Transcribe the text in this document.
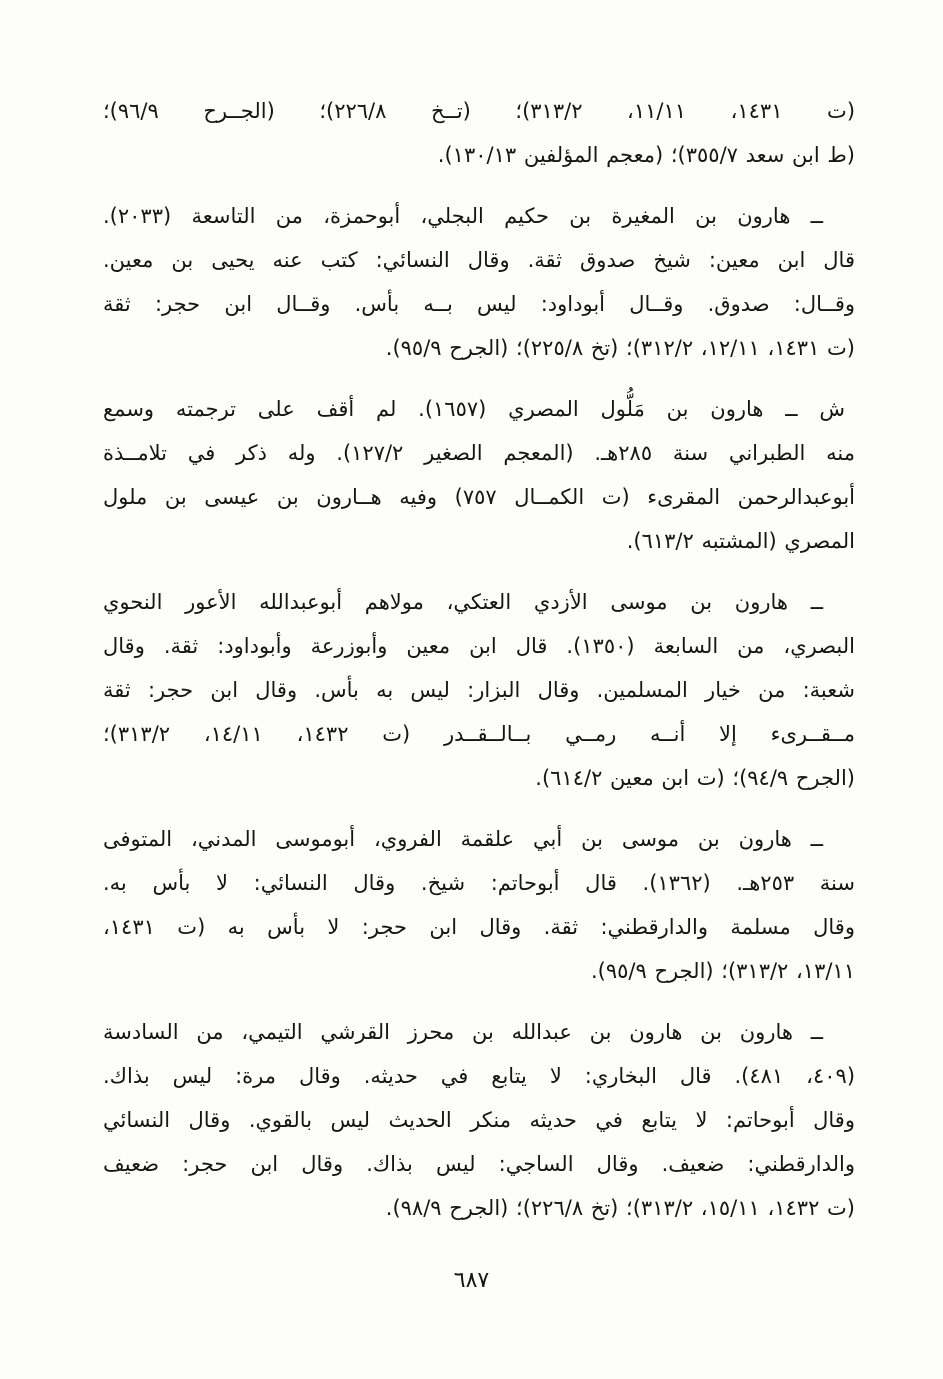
(ت ١٤٣١، ١١/١١، ٣١٣/٢)؛ (تــخ ٢٢٦/٨)؛ (الجــرح ٩٦/٩)؛
(ط ابن سعد ٣٥٥/٧)؛ (معجم المؤلفين ١٣٠/١٣).
ــ هارون بن المغيرة بن حكيم البجلي، أبوحمزة، من التاسعة (٢٠٣٣).
قال ابن معين: شيخ صدوق ثقة. وقال النسائي: كتب عنه يحيى بن معين.
وقــال: صدوق. وقــال أبوداود: ليس بــه بأس. وقــال ابن حجر: ثقة
(ت ١٤٣١، ١٢/١١، ٣١٢/٢)؛ (تخ ٢٢٥/٨)؛ (الجرح ٩٥/٩).
ش ــ هارون بن مَلُّول المصري (١٦٥٧). لم أقف على ترجمته وسمع
منه الطبراني سنة ٢٨٥هـ. (المعجم الصغير ١٢٧/٢). وله ذكر في تلامــذة
أبوعبدالرحمن المقرىء (ت الكمــال ٧٥٧) وفيه هــارون بن عيسى بن ملول
المصري (المشتبه ٦١٣/٢).
ــ هارون بن موسى الأزدي العتكي، مولاهم أبوعبدالله الأعور النحوي
البصري، من السابعة (١٣٥٠). قال ابن معين وأبوزرعة وأبوداود: ثقة. وقال
شعبة: من خيار المسلمين. وقال البزار: ليس به بأس. وقال ابن حجر: ثقة
مــقــرىء إلا أنــه رمــي بــالــقــدر (ت ١٤٣٢، ١٤/١١، ٣١٣/٢)؛
(الجرح ٩٤/٩)؛ (ت ابن معين ٦١٤/٢).
ــ هارون بن موسى بن أبي علقمة الفروي، أبوموسى المدني، المتوفى
سنة ٢٥٣هـ. (١٣٦٢). قال أبوحاتم: شيخ. وقال النسائي: لا بأس به.
وقال مسلمة والدارقطني: ثقة. وقال ابن حجر: لا بأس به (ت ١٤٣١،
١٣/١١، ٣١٣/٢)؛ (الجرح ٩٥/٩).
ــ هارون بن هارون بن عبدالله بن محرز القرشي التيمي، من السادسة
(٤٠٩، ٤٨١). قال البخاري: لا يتابع في حديثه. وقال مرة: ليس بذاك.
وقال أبوحاتم: لا يتابع في حديثه منكر الحديث ليس بالقوي. وقال النسائي
والدارقطني: ضعيف. وقال الساجي: ليس بذاك. وقال ابن حجر: ضعيف
(ت ١٤٣٢، ١٥/١١، ٣١٣/٢)؛ (تخ ٢٢٦/٨)؛ (الجرح ٩٨/٩).
٦٨٧
